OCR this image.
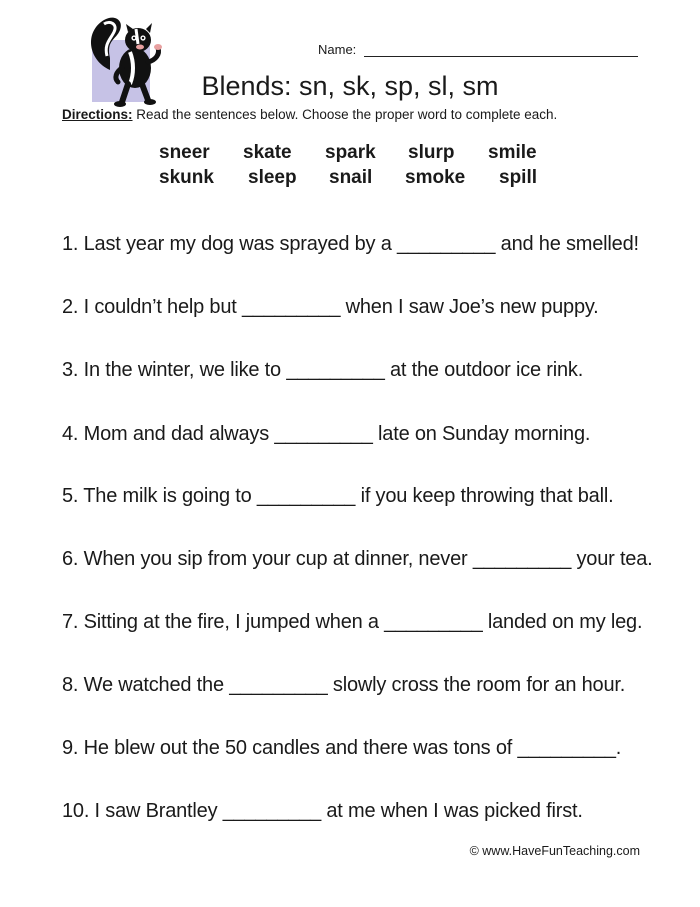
Name:
Blends: sn, sk, sp, sl, sm
Directions: Read the sentences below. Choose the proper word to complete each.
sneer skate spark slurp smile
skunk sleep snail smoke spill
1. Last year my dog was sprayed by a _________ and he smelled!
2. I couldn’t help but _________ when I saw Joe’s new puppy.
3. In the winter, we like to _________ at the outdoor ice rink.
4. Mom and dad always _________ late on Sunday morning.
5. The milk is going to _________ if you keep throwing that ball.
6. When you sip from your cup at dinner, never _________ your tea.
7. Sitting at the fire, I jumped when a _________ landed on my leg.
8. We watched the _________ slowly cross the room for an hour.
9. He blew out the 50 candles and there was tons of _________.
10. I saw Brantley _________ at me when I was picked first.
© www.HaveFunTeaching.com
